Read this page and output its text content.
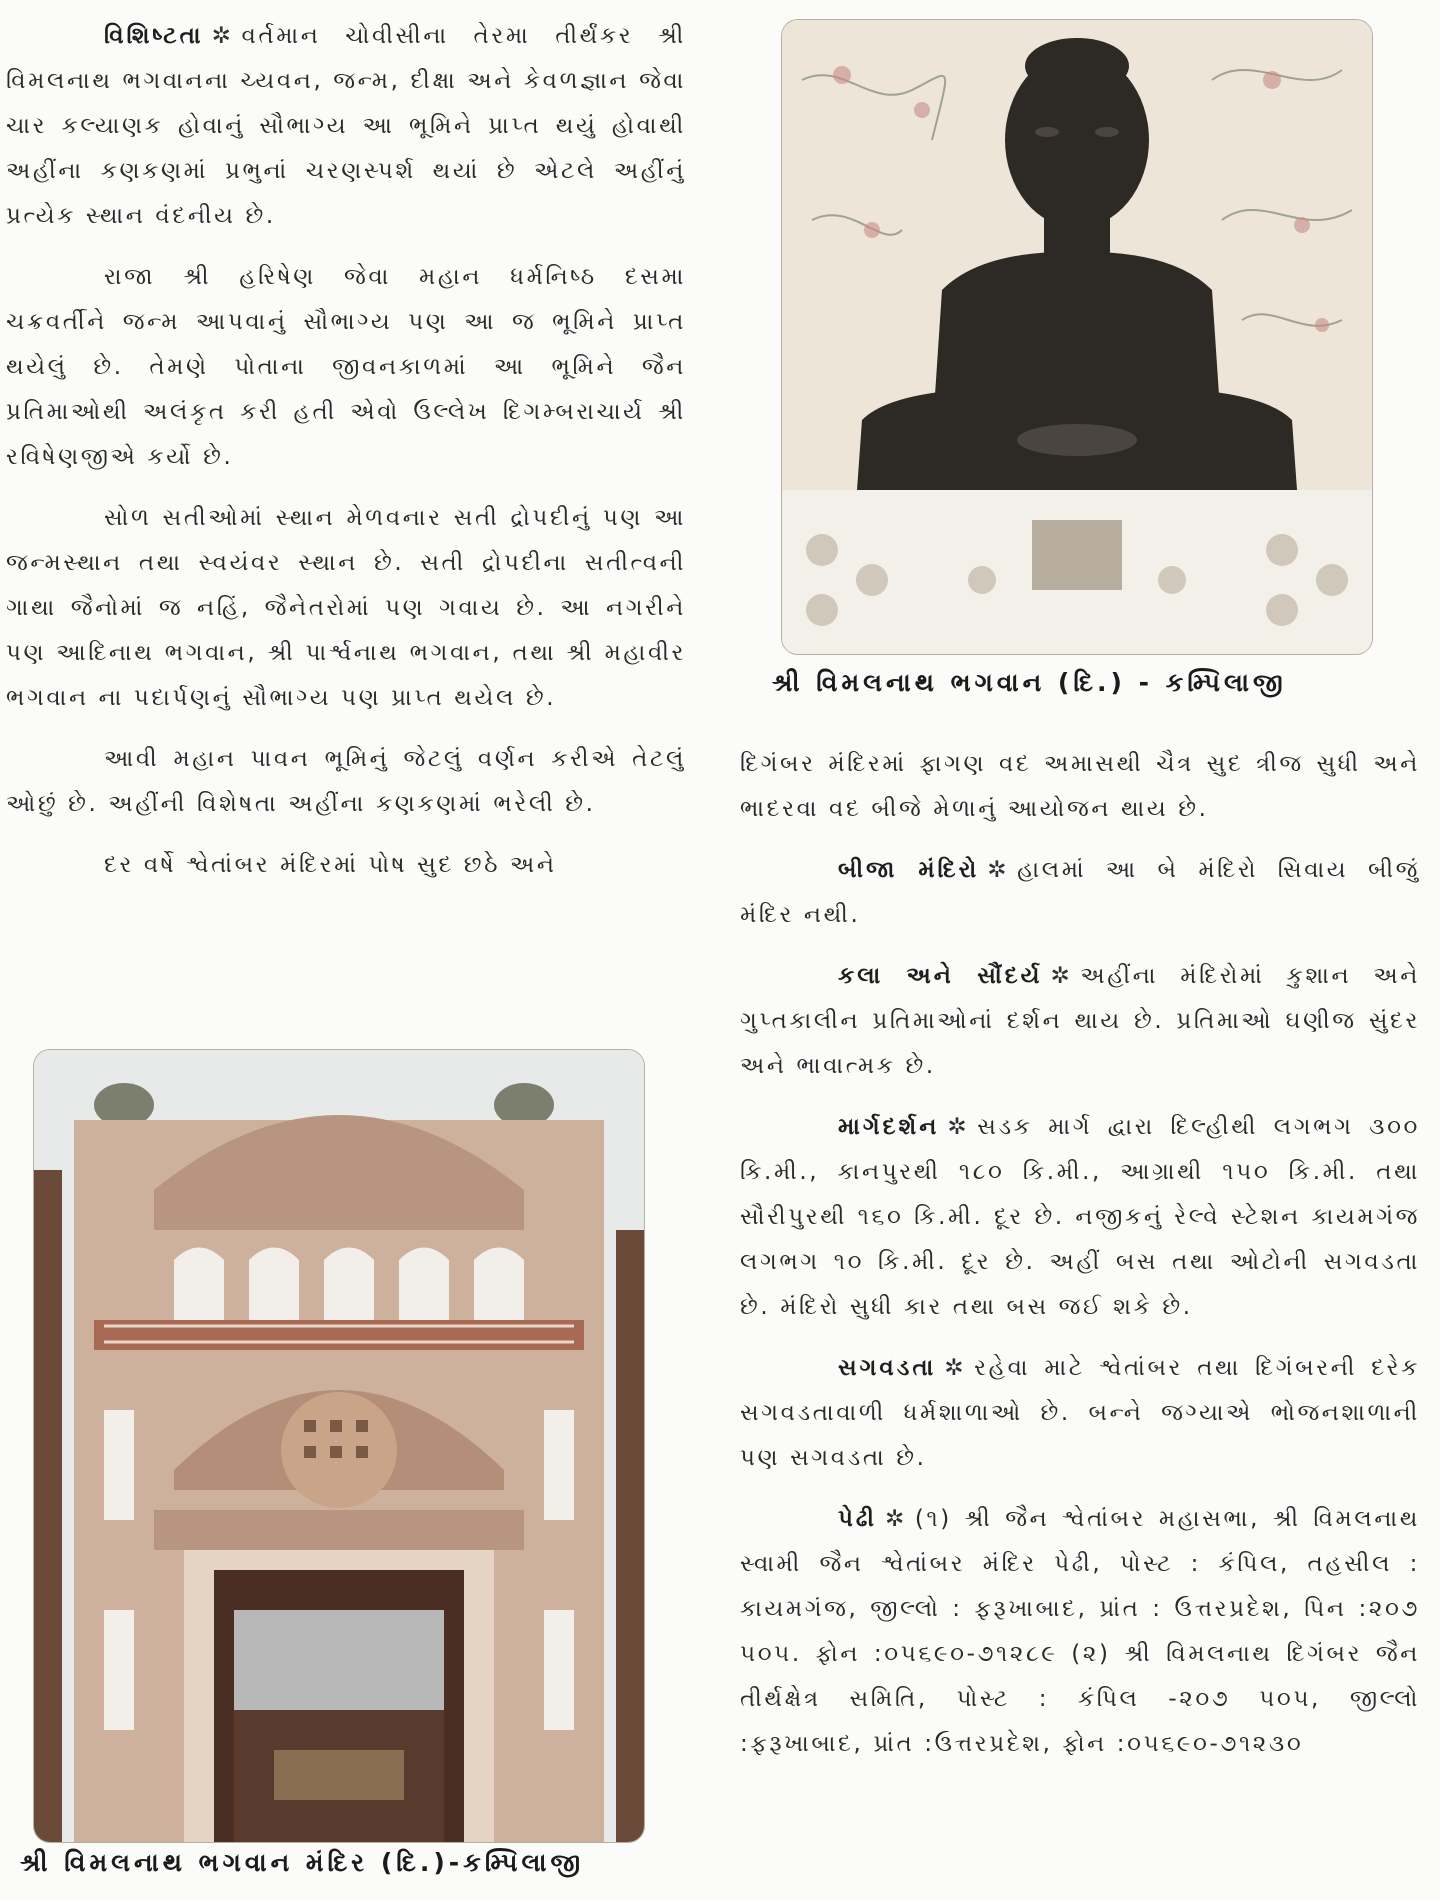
વિશિષ્ટતા ✲ વર્તમાન ચોવીસીના તેરમા તીર્થંકર શ્રી વિમલનાથ ભગવાનના ચ્યવન, જન્મ, દીક્ષા અને કેવળજ્ઞાન જેવા ચાર કલ્યાણક હોવાનું સૌભાગ્ય આ ભૂમિને પ્રાપ્ત થયું હોવાથી અહીંના કણકણમાં પ્રભુનાં ચરણસ્પર્શ થયાં છે એટલે અહીંનું પ્રત્યેક સ્થાન વંદનીય છે.

રાજા શ્રી હરિષેણ જેવા મહાન ધર્મનિષ્ઠ દસમા ચક્રવર્તીને જન્મ આપવાનું સૌભાગ્ય પણ આ જ ભૂમિને પ્રાપ્ત થયેલું છે. તેમણે પોતાના જીવનકાળમાં આ ભૂમિને જૈન પ્રતિમાઓથી અલંકૃત કરી હતી એવો ઉલ્લેખ દિગમ્બરાચાર્ય શ્રી રવિષેણજીએ કર્યો છે.

સોળ સતીઓમાં સ્થાન મેળવનાર સતી દ્રોપદીનું પણ આ જન્મસ્થાન તથા સ્વયંવર સ્થાન છે. સતી દ્રોપદીના સતીત્વની ગાથા જૈનોમાં જ નહિં, જૈનેતરોમાં પણ ગવાય છે. આ નગરીને પણ આદિનાથ ભગવાન, શ્રી પાર્શ્વનાથ ભગવાન, તથા શ્રી મહાવીર ભગવાન ના પદાર્પણનું સૌભાગ્ય પણ પ્રાપ્ત થયેલ છે.

આવી મહાન પાવન ભૂમિનું જેટલું વર્ણન કરીએ તેટલું ઓછું છે. અહીંની વિશેષતા અહીંના કણકણમાં ભરેલી છે.

દર વર્ષે શ્વેતાંબર મંદિરમાં પોષ સુદ છઠે અને

શ્રી વિમલનાથ ભગવાન (દિ.) - કમ્પિલાજી
શ્રી વિમલનાથ ભગવાન મંદિર (દિ.)-કમ્પિલાજી

દિગંબર મંદિરમાં ફાગણ વદ અમાસથી ચૈત્ર સુદ ત્રીજ સુધી અને ભાદરવા વદ બીજે મેળાનું આયોજન થાય છે.

બીજા મંદિરો ✲ હાલમાં આ બે મંદિરો સિવાય બીજું મંદિર નથી.

કલા અને સૌંદર્ય ✲ અહીંના મંદિરોમાં કુશાન અને ગુપ્તકાલીન પ્રતિમાઓનાં દર્શન થાય છે. પ્રતિમાઓ ઘણીજ સુંદર અને ભાવાત્મક છે.

માર્ગદર્શન ✲ સડક માર્ગ દ્વારા દિલ્હીથી લગભગ ૩૦૦ કિ.મી., કાનપુરથી ૧૮૦ કિ.મી., આગ્રાથી ૧૫૦ કિ.મી. તથા સૌરીપુરથી ૧૬૦ કિ.મી. દૂર છે. નજીકનું રેલ્વે સ્ટેશન કાયમગંજ લગભગ ૧૦ કિ.મી. દૂર છે. અહીં બસ તથા ઓટોની સગવડતા છે. મંદિરો સુધી કાર તથા બસ જઈ શકે છે.

સગવડતા ✲ રહેવા માટે શ્વેતાંબર તથા દિગંબરની દરેક સગવડતાવાળી ધર્મશાળાઓ છે. બન્ને જગ્યાએ ભોજનશાળાની પણ સગવડતા છે.

પેઢી ✲ (૧) શ્રી જૈન શ્વેતાંબર મહાસભા, શ્રી વિમલનાથ સ્વામી જૈન શ્વેતાંબર મંદિર પેઢી, પોસ્ટ : કંપિલ, તહસીલ : કાયમગંજ, જીલ્લો : ફરૂખાબાદ, પ્રાંત : ઉત્તરપ્રદેશ, પિન :૨૦૭ ૫૦૫. ફોન :૦૫૬૯૦-૭૧૨૮૯ (૨) શ્રી વિમલનાથ દિગંબર જૈન તીર્થક્ષેત્ર સમિતિ, પોસ્ટ : કંપિલ -૨૦૭ ૫૦૫, જીલ્લો :ફરૂખાબાદ, પ્રાંત :ઉત્તરપ્રદેશ, ફોન :૦૫૬૯૦-૭૧૨૩૦
